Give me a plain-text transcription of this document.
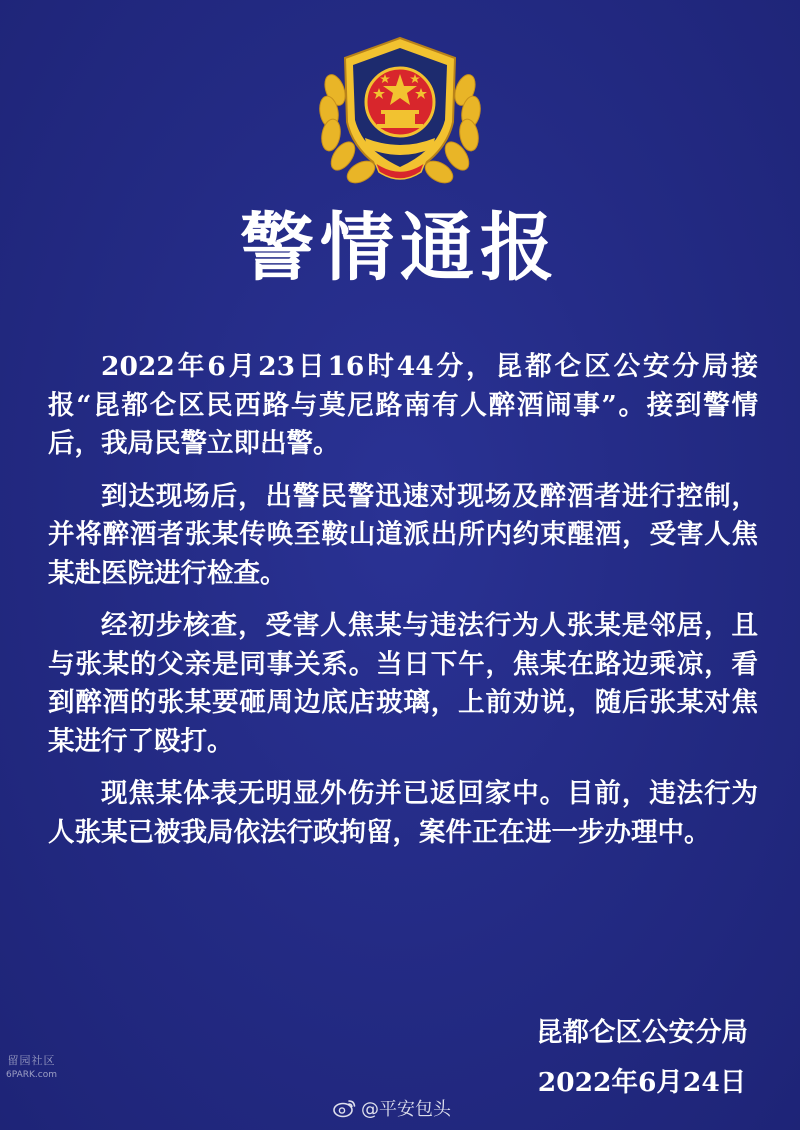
警情通报

2022年6月23日16时44分，昆都仑区公安分局接报“昆都仑区民西路与莫尼路南有人醉酒闹事”。接到警情后，我局民警立即出警。

到达现场后，出警民警迅速对现场及醉酒者进行控制，并将醉酒者张某传唤至鞍山道派出所内约束醒酒，受害人焦某赴医院进行检查。

经初步核查，受害人焦某与违法行为人张某是邻居，且与张某的父亲是同事关系。当日下午，焦某在路边乘凉，看到醉酒的张某要砸周边底店玻璃，上前劝说，随后张某对焦某进行了殴打。

现焦某体表无明显外伤并已返回家中。目前，违法行为人张某已被我局依法行政拘留，案件正在进一步办理中。

昆都仑区公安分局
2022年6月24日
留园社区
6PARK.com
@平安包头
